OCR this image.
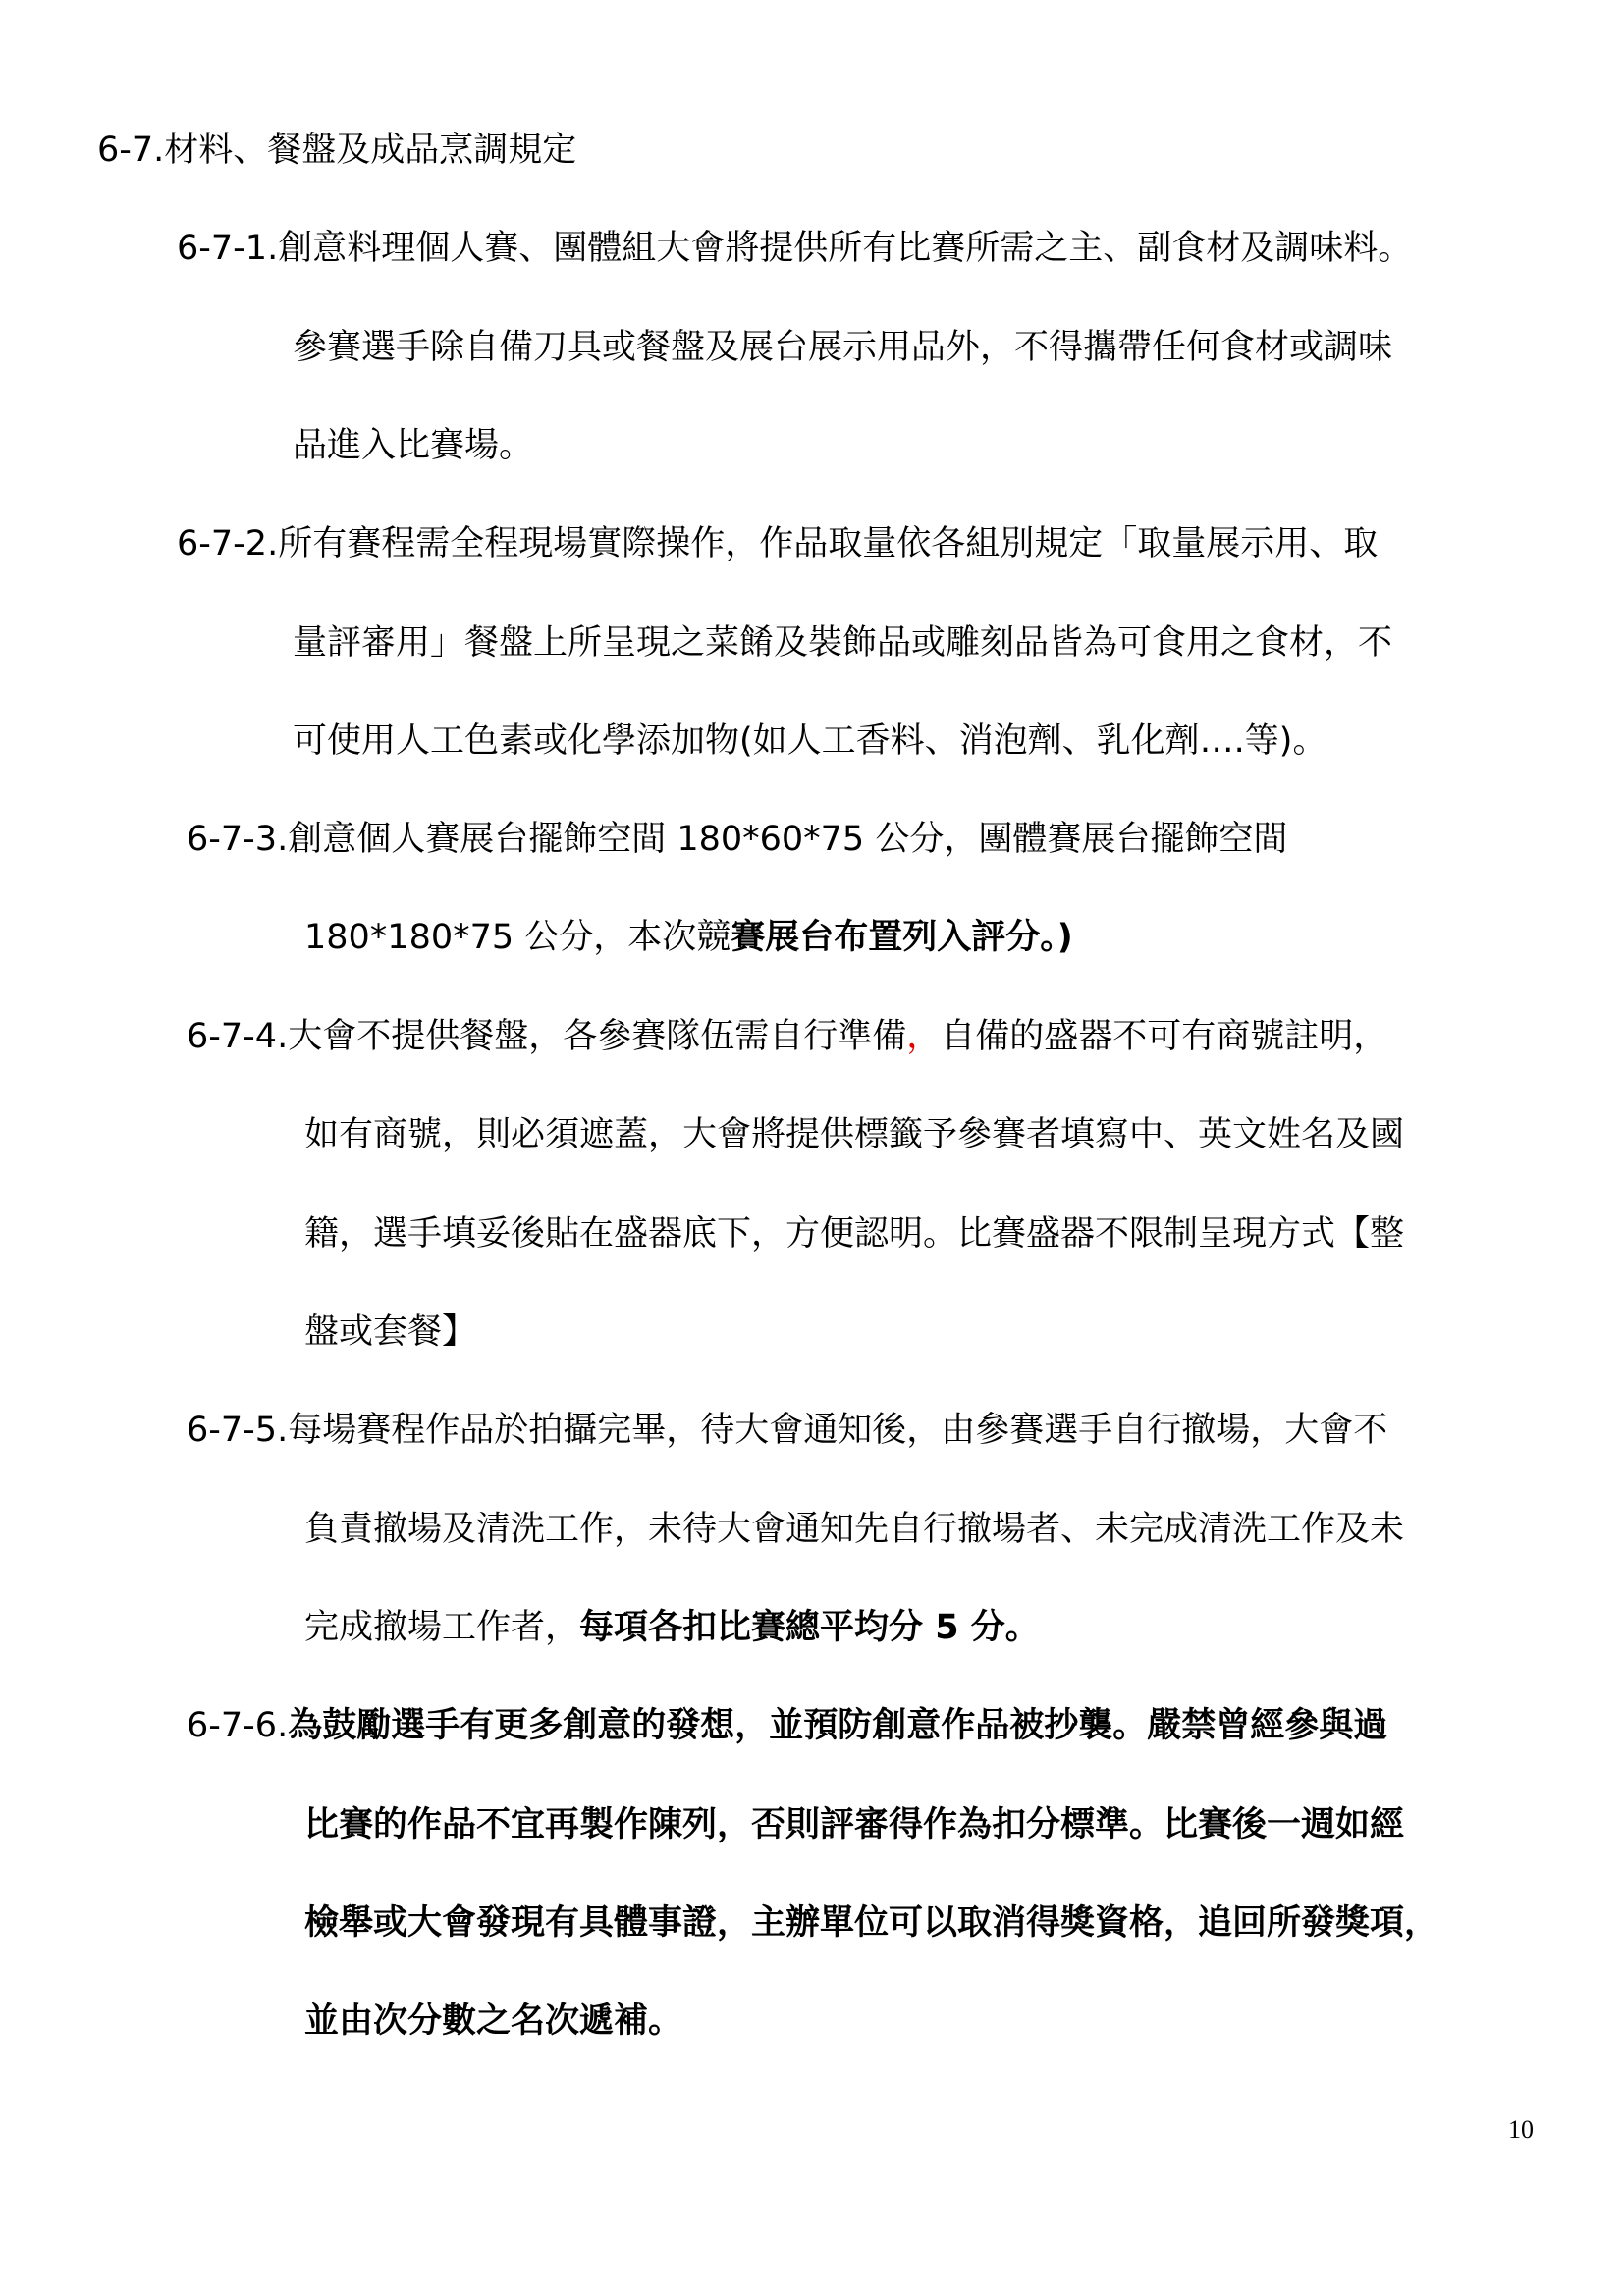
6-7.材料、餐盤及成品烹調規定
6-7-1.創意料理個人賽、團體組大會將提供所有比賽所需之主、副食材及調味料。
參賽選手除自備刀具或餐盤及展台展示用品外，不得攜帶任何食材或調味
品進入比賽場。
6-7-2.所有賽程需全程現場實際操作，作品取量依各組別規定「取量展示用、取
量評審用」餐盤上所呈現之菜餚及裝飾品或雕刻品皆為可食用之食材，不
可使用人工色素或化學添加物(如人工香料、消泡劑、乳化劑….等)。
6-7-3.創意個人賽展台擺飾空間 180*60*75 公分，團體賽展台擺飾空間
180*180*75 公分，本次競賽展台布置列入評分。)
6-7-4.大會不提供餐盤，各參賽隊伍需自行準備，自備的盛器不可有商號註明，
如有商號，則必須遮蓋，大會將提供標籤予參賽者填寫中、英文姓名及國
籍，選手填妥後貼在盛器底下，方便認明。比賽盛器不限制呈現方式【整
盤或套餐】
6-7-5.每場賽程作品於拍攝完畢，待大會通知後，由參賽選手自行撤場，大會不
負責撤場及清洗工作，未待大會通知先自行撤場者、未完成清洗工作及未
完成撤場工作者，每項各扣比賽總平均分 5 分。
6-7-6.為鼓勵選手有更多創意的發想，並預防創意作品被抄襲。嚴禁曾經參與過
比賽的作品不宜再製作陳列，否則評審得作為扣分標準。比賽後一週如經
檢舉或大會發現有具體事證，主辦單位可以取消得獎資格，追回所發獎項，
並由次分數之名次遞補。
10
